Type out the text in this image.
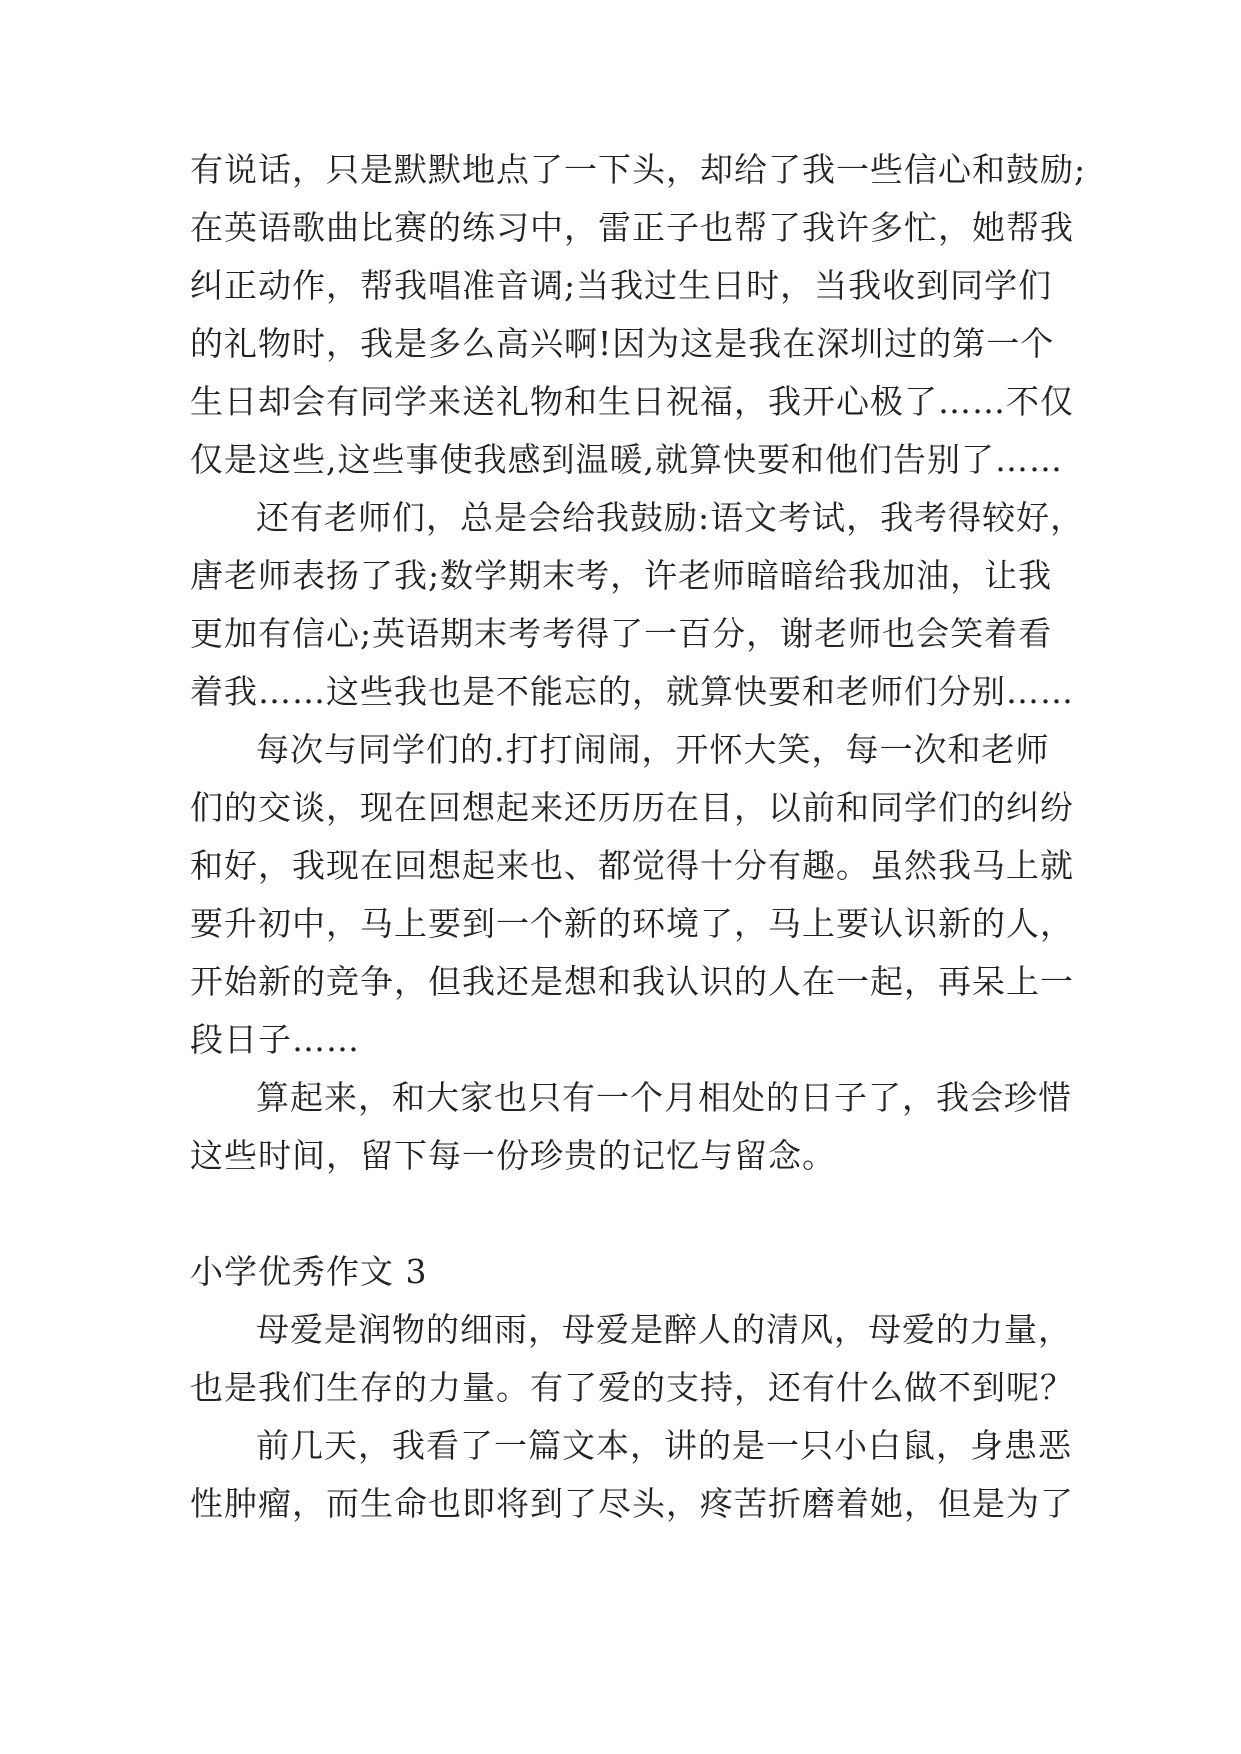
有说话，只是默默地点了一下头，却给了我一些信心和鼓励;
在英语歌曲比赛的练习中，雷正子也帮了我许多忙，她帮我
纠正动作，帮我唱准音调;当我过生日时，当我收到同学们
的礼物时，我是多么高兴啊!因为这是我在深圳过的第一个
生日却会有同学来送礼物和生日祝福，我开心极了……不仅
仅是这些,这些事使我感到温暖,就算快要和他们告别了……
还有老师们，总是会给我鼓励:语文考试，我考得较好，
唐老师表扬了我;数学期末考，许老师暗暗给我加油，让我
更加有信心;英语期末考考得了一百分，谢老师也会笑着看
着我……这些我也是不能忘的，就算快要和老师们分别……
每次与同学们的.打打闹闹，开怀大笑，每一次和老师
们的交谈，现在回想起来还历历在目，以前和同学们的纠纷
和好，我现在回想起来也、都觉得十分有趣。虽然我马上就
要升初中，马上要到一个新的环境了，马上要认识新的人，
开始新的竞争，但我还是想和我认识的人在一起，再呆上一
段日子……
算起来，和大家也只有一个月相处的日子了，我会珍惜
这些时间，留下每一份珍贵的记忆与留念。
小学优秀作文 3
母爱是润物的细雨，母爱是醉人的清风，母爱的力量，
也是我们生存的力量。有了爱的支持，还有什么做不到呢？
前几天，我看了一篇文本，讲的是一只小白鼠，身患恶
性肿瘤，而生命也即将到了尽头，疼苦折磨着她，但是为了
